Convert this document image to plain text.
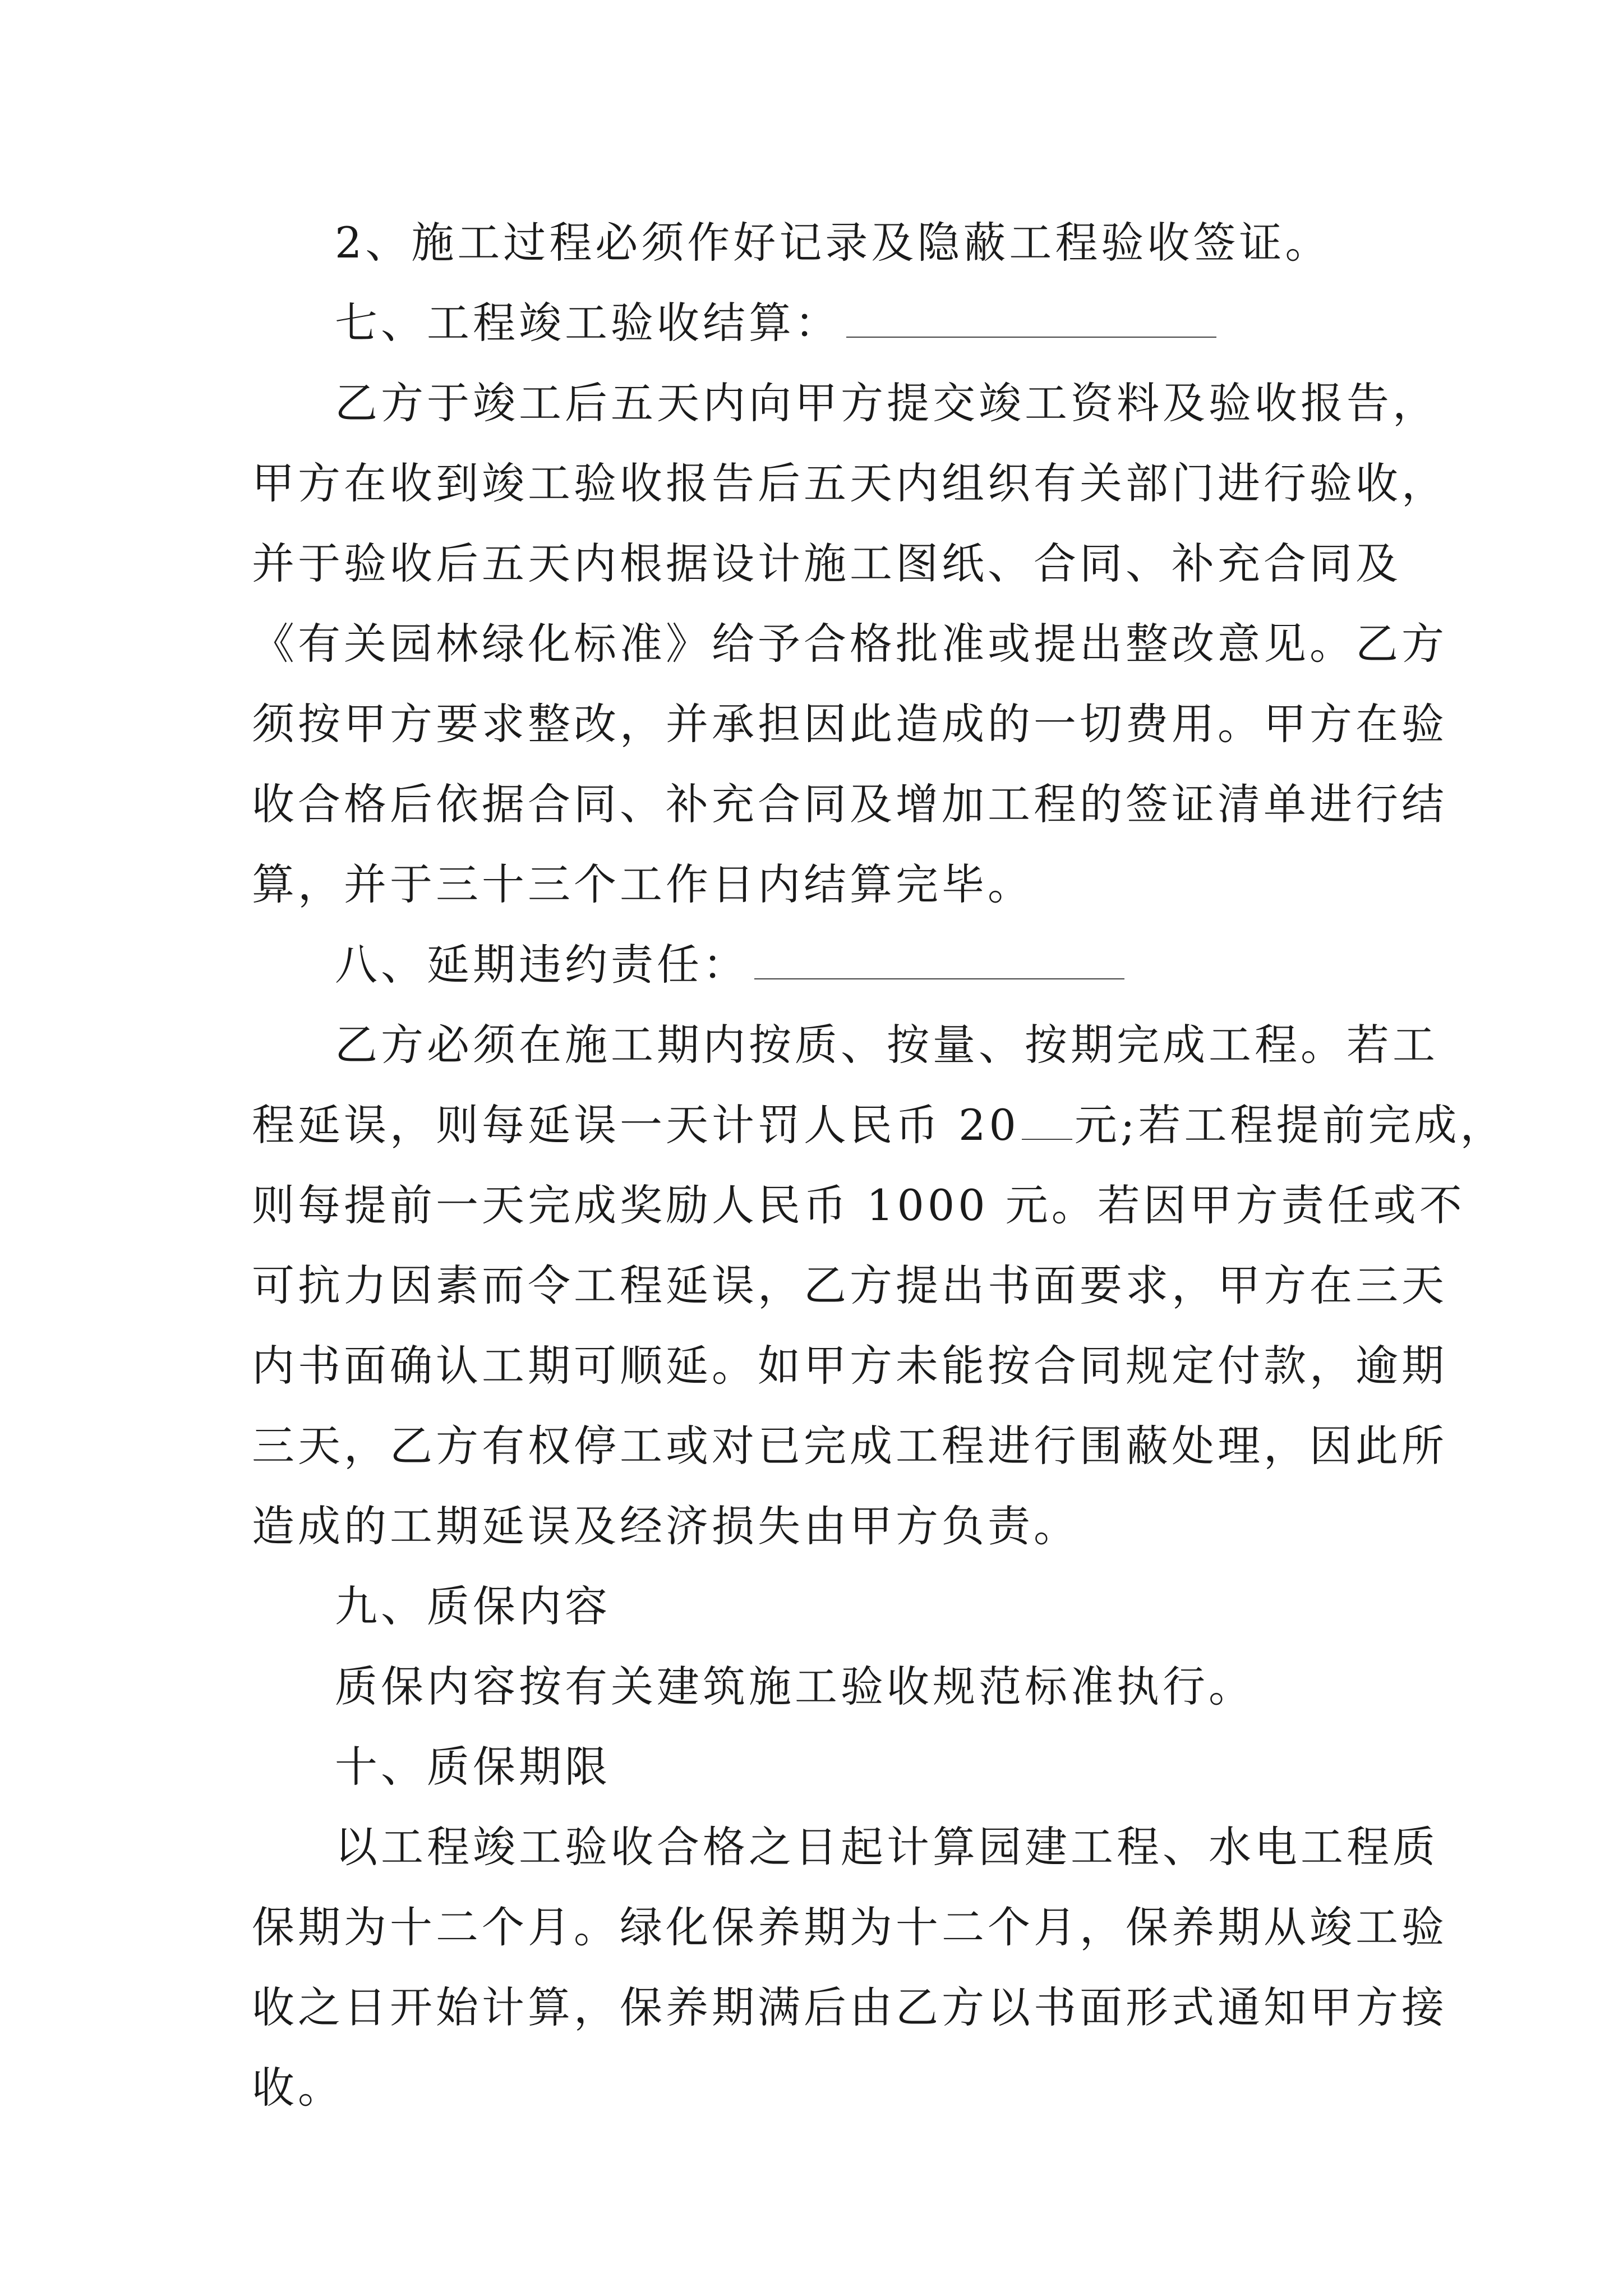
2、施工过程必须作好记录及隐蔽工程验收签证。
七、工程竣工验收结算：
乙方于竣工后五天内向甲方提交竣工资料及验收报告，
甲方在收到竣工验收报告后五天内组织有关部门进行验收，
并于验收后五天内根据设计施工图纸、合同、补充合同及
《有关园林绿化标准》给予合格批准或提出整改意见。乙方
须按甲方要求整改，并承担因此造成的一切费用。甲方在验
收合格后依据合同、补充合同及增加工程的签证清单进行结
算，并于三十三个工作日内结算完毕。
八、延期违约责任：
乙方必须在施工期内按质、按量、按期完成工程。若工
程延误，则每延误一天计罚人民币 20 元;若工程提前完成，
则每提前一天完成奖励人民币 1000 元。若因甲方责任或不
可抗力因素而令工程延误，乙方提出书面要求，甲方在三天
内书面确认工期可顺延。如甲方未能按合同规定付款，逾期
三天，乙方有权停工或对已完成工程进行围蔽处理，因此所
造成的工期延误及经济损失由甲方负责。
九、质保内容
质保内容按有关建筑施工验收规范标准执行。
十、质保期限
以工程竣工验收合格之日起计算园建工程、水电工程质
保期为十二个月。绿化保养期为十二个月，保养期从竣工验
收之日开始计算，保养期满后由乙方以书面形式通知甲方接
收。
